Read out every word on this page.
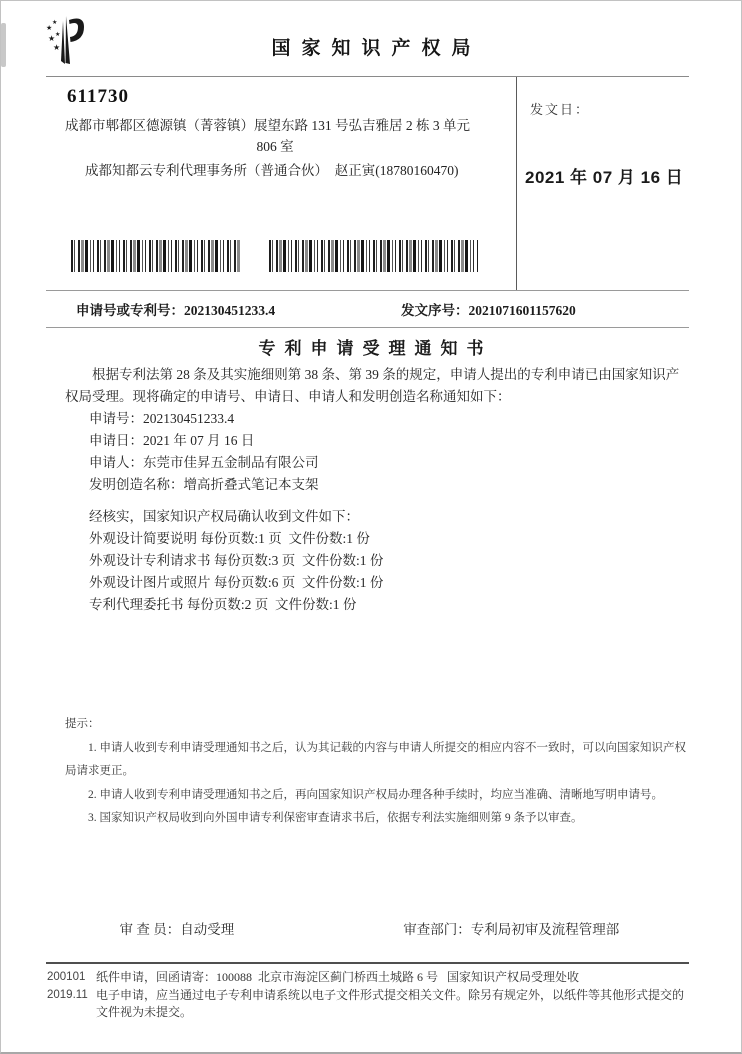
★
★
★ ★
★	国家知识产权局
611730
成都市郫都区德源镇（菁蓉镇）展望东路 131 号弘吉雅居 2 栋 3 单元
806 室
成都知都云专利代理事务所（普通合伙）  赵正寅(18780160470)
发文日：
2021 年 07 月 16 日
申请号或专利号：202130451233.4	发文序号：2021071601157620
专利申请受理通知书

根据专利法第 28 条及其实施细则第 38 条、第 39 条的规定，申请人提出的专利申请已由国家知识产权局受理。现将确定的申请号、申请日、申请人和发明创造名称通知如下：

申请号：202130451233.4
申请日：2021 年 07 月 16 日
申请人：东莞市佳昇五金制品有限公司
发明创造名称：增高折叠式笔记本支架
经核实，国家知识产权局确认收到文件如下：
外观设计简要说明 每份页数:1 页  文件份数:1 份
外观设计专利请求书 每份页数:3 页  文件份数:1 份
外观设计图片或照片 每份页数:6 页  文件份数:1 份
专利代理委托书 每份页数:2 页  文件份数:1 份
提示：
1. 申请人收到专利申请受理通知书之后，认为其记载的内容与申请人所提交的相应内容不一致时，可以向国家知识产权局请求更正。
2. 申请人收到专利申请受理通知书之后，再向国家知识产权局办理各种手续时，均应当准确、清晰地写明申请号。
3. 国家知识产权局收到向外国申请专利保密审查请求书后，依据专利法实施细则第 9 条予以审查。

审 查 员：自动受理
	审查部门：专利局初审及流程管理部

200101 纸件申请，回函请寄：100088  北京市海淀区蓟门桥西土城路 6 号   国家知识产权局受理处收
2019.11 电子申请，应当通过电子专利申请系统以电子文件形式提交相关文件。除另有规定外，以纸件等其他形式提交的文件视为未提交。
